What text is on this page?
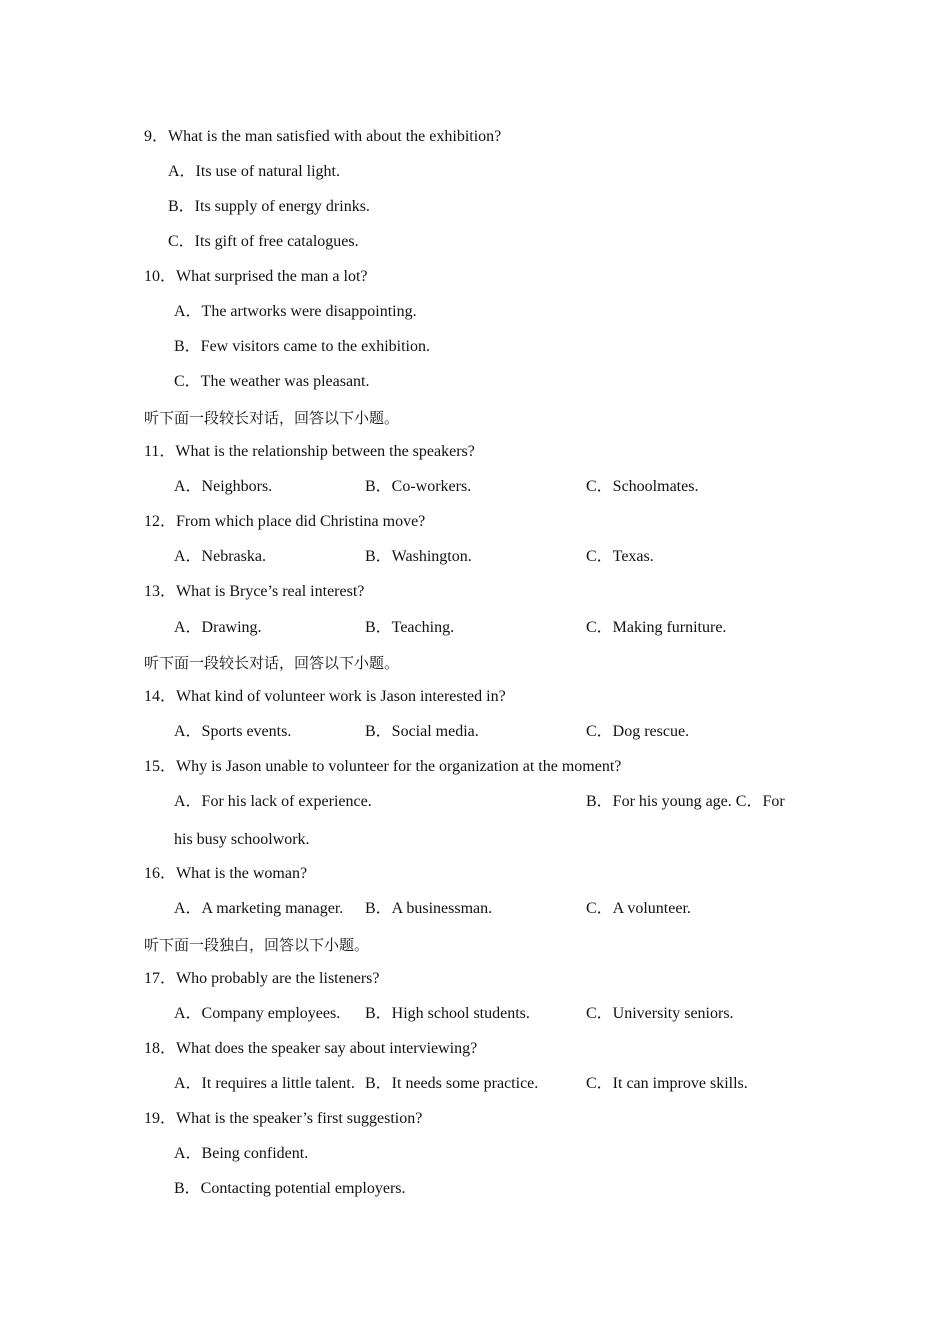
9．What is the man satisfied with about the exhibition?
A．Its use of natural light.
B．Its supply of energy drinks.
C．Its gift of free catalogues.
10．What surprised the man a lot?
A．The artworks were disappointing.
B．Few visitors came to the exhibition.
C．The weather was pleasant.
听下面一段较长对话，回答以下小题。
11．What is the relationship between the speakers?
A．Neighbors.	B．Co-workers.	C．Schoolmates.
12．From which place did Christina move?
A．Nebraska.	B．Washington.	C．Texas.
13．What is Bryce’s real interest?
A．Drawing.	B．Teaching.	C．Making furniture.
听下面一段较长对话，回答以下小题。
14．What kind of volunteer work is Jason interested in?
A．Sports events.	B．Social media.	C．Dog rescue.
15．Why is Jason unable to volunteer for the organization at the moment?
A．For his lack of experience.	B．For his young age. C．For
his busy schoolwork.
16．What is the woman?
A．A marketing manager. B．A businessman.	C．A volunteer.
听下面一段独白，回答以下小题。
17．Who probably are the listeners?
A．Company employees. B．High school students.	C．University seniors.
18．What does the speaker say about interviewing?
A．It requires a little talent. B．It needs some practice.	C．It can improve skills.
19．What is the speaker’s first suggestion?
A．Being confident.
B．Contacting potential employers.
